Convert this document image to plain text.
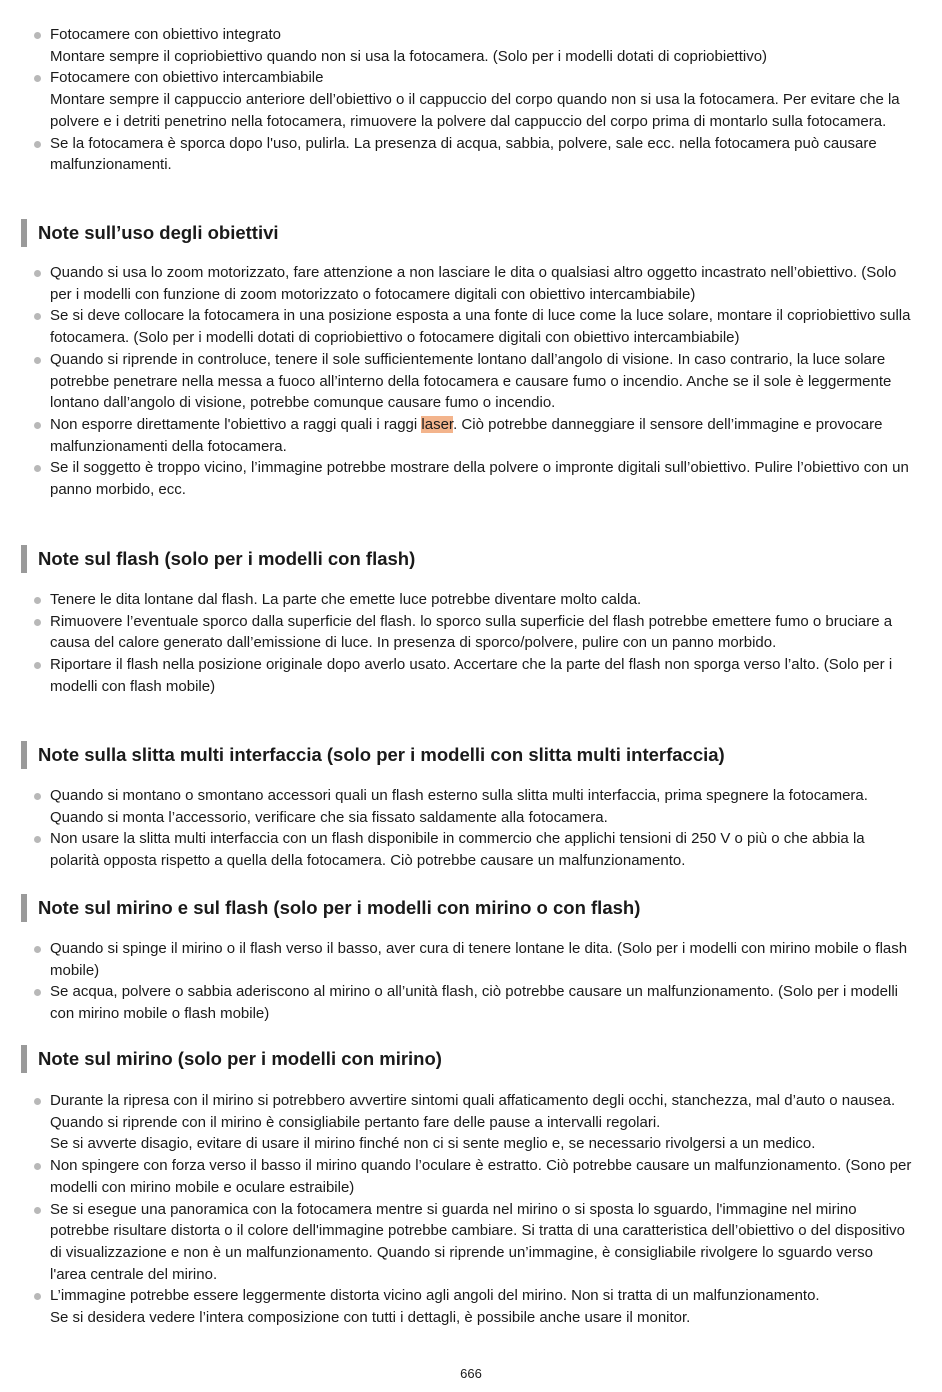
Fotocamere con obiettivo integrato
Montare sempre il copriobiettivo quando non si usa la fotocamera. (Solo per i modelli dotati di copriobiettivo)
Fotocamere con obiettivo intercambiabile
Montare sempre il cappuccio anteriore dell’obiettivo o il cappuccio del corpo quando non si usa la fotocamera. Per evitare che la polvere e i detriti penetrino nella fotocamera, rimuovere la polvere dal cappuccio del corpo prima di montarlo sulla fotocamera.
Se la fotocamera è sporca dopo l'uso, pulirla. La presenza di acqua, sabbia, polvere, sale ecc. nella fotocamera può causare malfunzionamenti.
Note sull’uso degli obiettivi
Quando si usa lo zoom motorizzato, fare attenzione a non lasciare le dita o qualsiasi altro oggetto incastrato nell’obiettivo. (Solo per i modelli con funzione di zoom motorizzato o fotocamere digitali con obiettivo intercambiabile)
Se si deve collocare la fotocamera in una posizione esposta a una fonte di luce come la luce solare, montare il copriobiettivo sulla fotocamera. (Solo per i modelli dotati di copriobiettivo o fotocamere digitali con obiettivo intercambiabile)
Quando si riprende in controluce, tenere il sole sufficientemente lontano dall’angolo di visione. In caso contrario, la luce solare potrebbe penetrare nella messa a fuoco all’interno della fotocamera e causare fumo o incendio. Anche se il sole è leggermente lontano dall’angolo di visione, potrebbe comunque causare fumo o incendio.
Non esporre direttamente l'obiettivo a raggi quali i raggi laser. Ciò potrebbe danneggiare il sensore dell’immagine e provocare malfunzionamenti della fotocamera.
Se il soggetto è troppo vicino, l’immagine potrebbe mostrare della polvere o impronte digitali sull’obiettivo. Pulire l’obiettivo con un panno morbido, ecc.
Note sul flash (solo per i modelli con flash)
Tenere le dita lontane dal flash. La parte che emette luce potrebbe diventare molto calda.
Rimuovere l’eventuale sporco dalla superficie del flash. lo sporco sulla superficie del flash potrebbe emettere fumo o bruciare a causa del calore generato dall’emissione di luce. In presenza di sporco/polvere, pulire con un panno morbido.
Riportare il flash nella posizione originale dopo averlo usato. Accertare che la parte del flash non sporga verso l’alto. (Solo per i modelli con flash mobile)
Note sulla slitta multi interfaccia (solo per i modelli con slitta multi interfaccia)
Quando si montano o smontano accessori quali un flash esterno sulla slitta multi interfaccia, prima spegnere la fotocamera. Quando si monta l’accessorio, verificare che sia fissato saldamente alla fotocamera.
Non usare la slitta multi interfaccia con un flash disponibile in commercio che applichi tensioni di 250 V o più o che abbia la polarità opposta rispetto a quella della fotocamera. Ciò potrebbe causare un malfunzionamento.
Note sul mirino e sul flash (solo per i modelli con mirino o con flash)
Quando si spinge il mirino o il flash verso il basso, aver cura di tenere lontane le dita. (Solo per i modelli con mirino mobile o flash mobile)
Se acqua, polvere o sabbia aderiscono al mirino o all’unità flash, ciò potrebbe causare un malfunzionamento. (Solo per i modelli con mirino mobile o flash mobile)
Note sul mirino (solo per i modelli con mirino)
Durante la ripresa con il mirino si potrebbero avvertire sintomi quali affaticamento degli occhi, stanchezza, mal d’auto o nausea. Quando si riprende con il mirino è consigliabile pertanto fare delle pause a intervalli regolari.
Se si avverte disagio, evitare di usare il mirino finché non ci si sente meglio e, se necessario rivolgersi a un medico.
Non spingere con forza verso il basso il mirino quando l’oculare è estratto. Ciò potrebbe causare un malfunzionamento. (Sono per modelli con mirino mobile e oculare estraibile)
Se si esegue una panoramica con la fotocamera mentre si guarda nel mirino o si sposta lo sguardo, l'immagine nel mirino potrebbe risultare distorta o il colore dell'immagine potrebbe cambiare. Si tratta di una caratteristica dell’obiettivo o del dispositivo di visualizzazione e non è un malfunzionamento. Quando si riprende un’immagine, è consigliabile rivolgere lo sguardo verso l'area centrale del mirino.
L’immagine potrebbe essere leggermente distorta vicino agli angoli del mirino. Non si tratta di un malfunzionamento.
Se si desidera vedere l’intera composizione con tutti i dettagli, è possibile anche usare il monitor.
666
